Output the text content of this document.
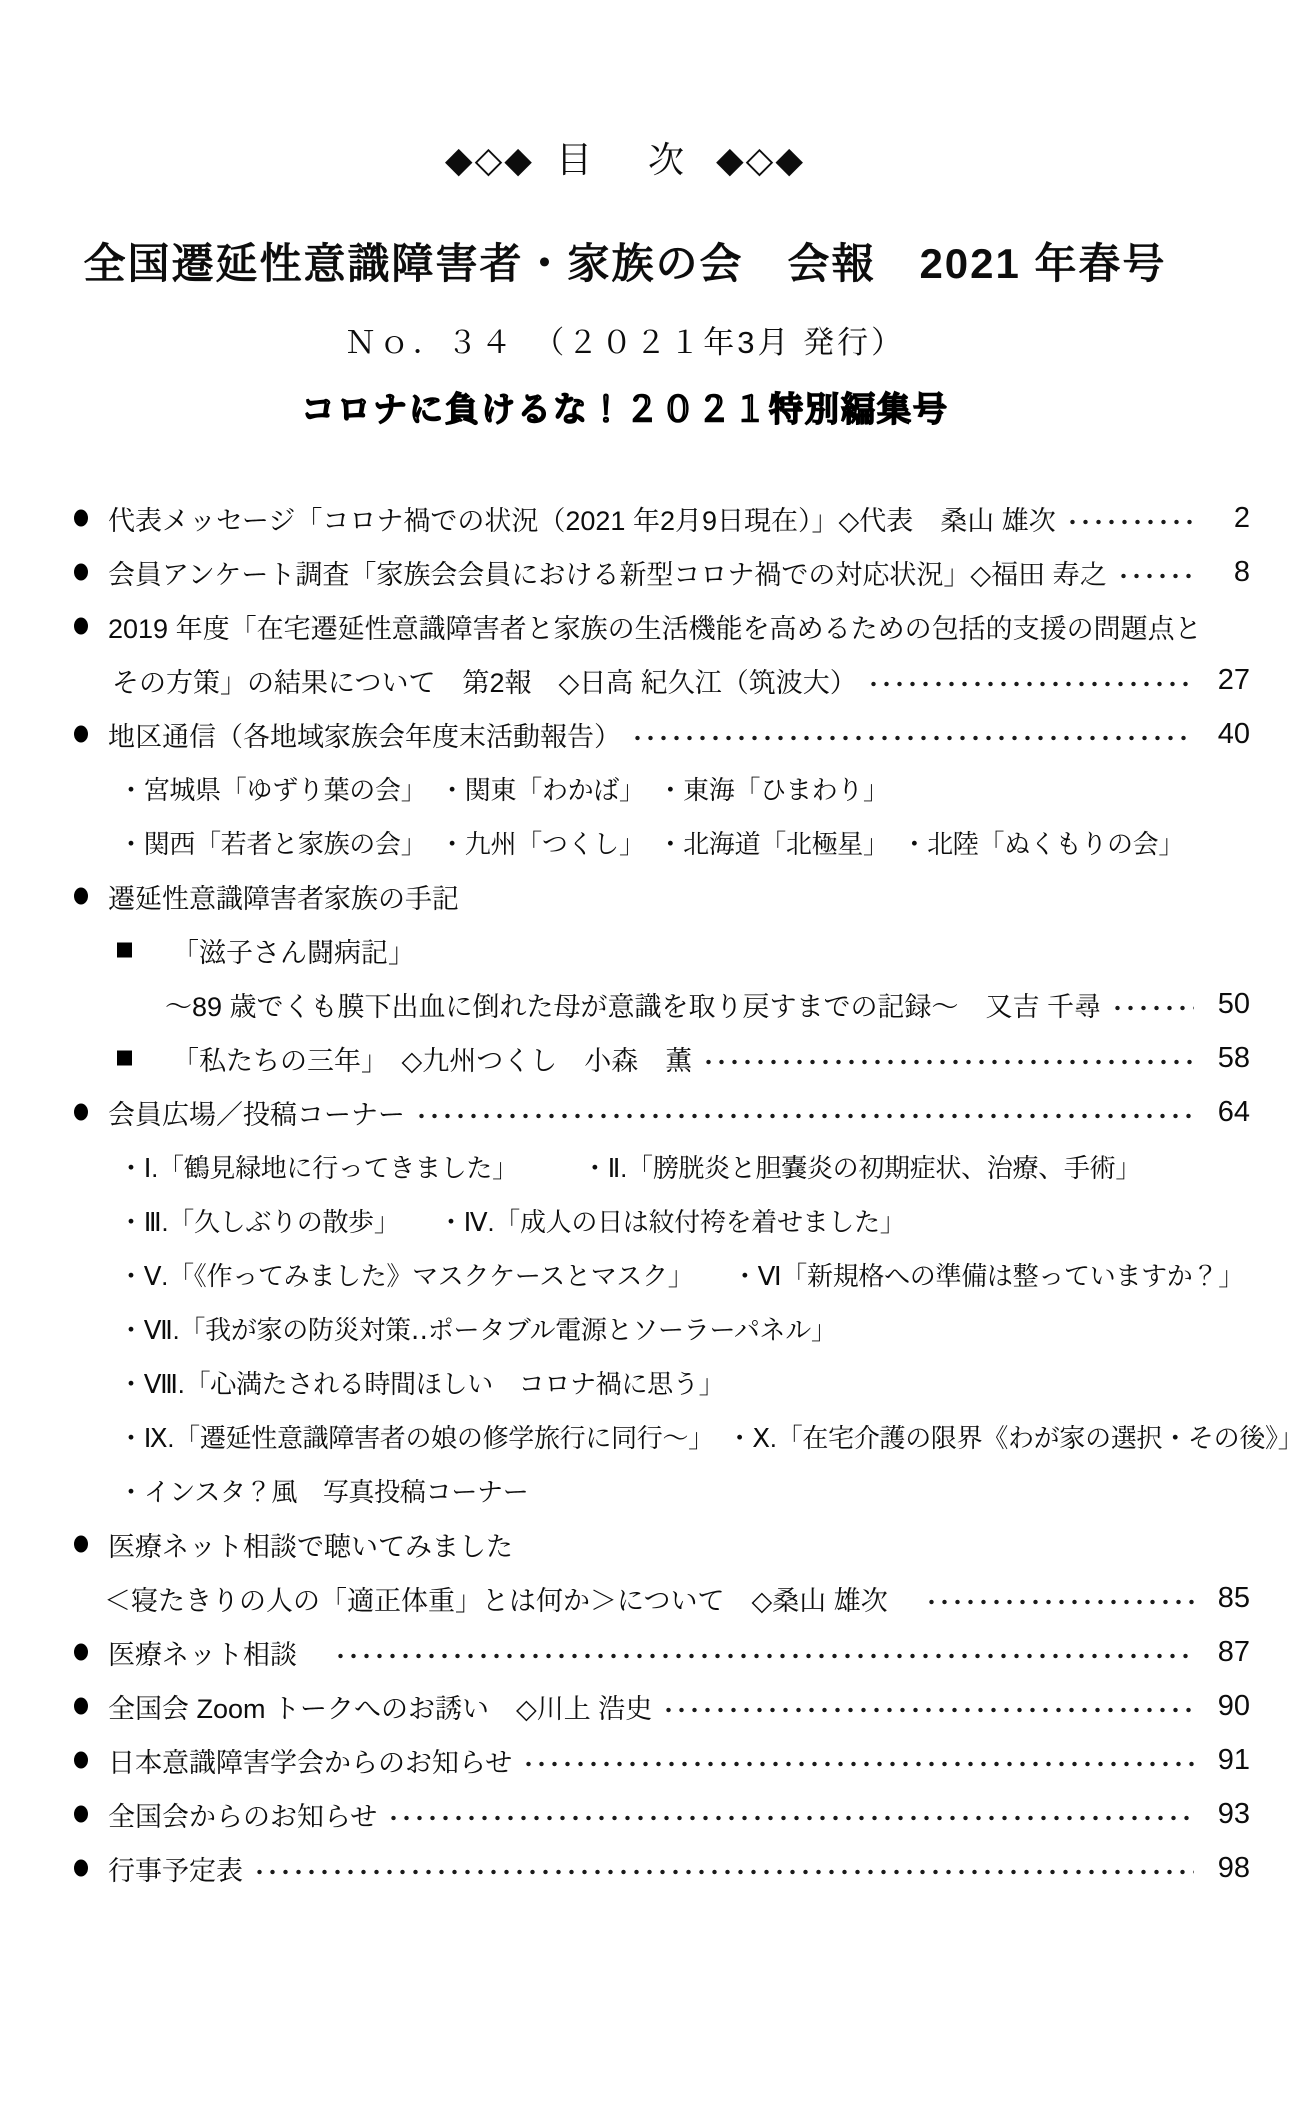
◆◇◆ 目　次 ◆◇◆
全国遷延性意識障害者・家族の会　会報　2021 年春号
Ｎｏ．３４　（２０２１年3月 発行）
コロナに負けるな！２０２１特別編集号
代表メッセージ「コロナ禍での状況（2021 年2月9日現在）」◇代表　桑山 雄次	2
会員アンケート調査「家族会会員における新型コロナ禍での対応状況」◇福田 寿之	8
2019 年度「在宅遷延性意識障害者と家族の生活機能を高めるための包括的支援の問題点と
その方策」の結果について　第2報　◇日高 紀久江（筑波大）	27
地区通信（各地域家族会年度末活動報告）	40
・宮城県「ゆずり葉の会」　・関東「わかば」　・東海「ひまわり」
・関西「若者と家族の会」　・九州「つくし」　・北海道「北極星」　・北陸「ぬくもりの会」
遷延性意識障害者家族の手記
「滋子さん闘病記」
～89 歳でくも膜下出血に倒れた母が意識を取り戻すまでの記録～　又吉 千尋	50
「私たちの三年」　◇九州つくし　小森　薫	58
会員広場／投稿コーナー	64
・Ⅰ.「鶴見緑地に行ってきました」　　　・Ⅱ.「膀胱炎と胆嚢炎の初期症状、治療、手術」
・Ⅲ.「久しぶりの散歩」　　・Ⅳ.「成人の日は紋付袴を着せました」
・Ⅴ.「《作ってみました》マスクケースとマスク」　　・Ⅵ「新規格への準備は整っていますか？」
・Ⅶ.「我が家の防災対策‥ポータブル電源とソーラーパネル」
・Ⅷ.「心満たされる時間ほしい　コロナ禍に思う」
・Ⅸ.「遷延性意識障害者の娘の修学旅行に同行～」　・Ⅹ.「在宅介護の限界《わが家の選択・その後》」
・インスタ？風　写真投稿コーナー
医療ネット相談で聴いてみました
＜寝たきりの人の「適正体重」とは何か＞について　◇桑山 雄次　	85
医療ネット相談　	87
全国会 Zoom トークへのお誘い　◇川上 浩史	90
日本意識障害学会からのお知らせ	91
全国会からのお知らせ	93
行事予定表	98
